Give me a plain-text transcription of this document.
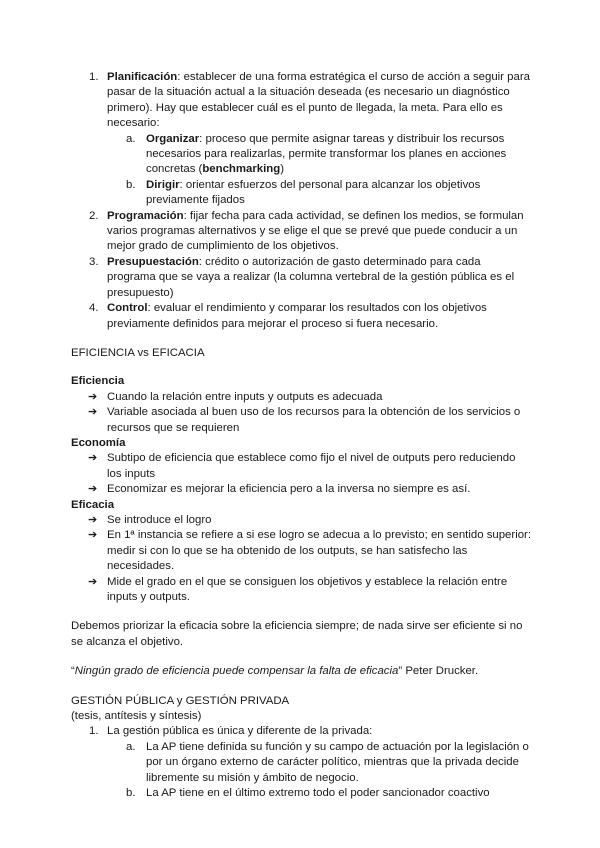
1. Planificación: establecer de una forma estratégica el curso de acción a seguir para pasar de la situación actual a la situación deseada (es necesario un diagnóstico primero). Hay que establecer cuál es el punto de llegada, la meta. Para ello es necesario:

a. Organizar: proceso que permite asignar tareas y distribuir los recursos necesarios para realizarlas, permite transformar los planes en acciones concretas (benchmarking)

b. Dirigir: orientar esfuerzos del personal para alcanzar los objetivos previamente fijados

2. Programación: fijar fecha para cada actividad, se definen los medios, se formulan varios programas alternativos y se elige el que se prevé que puede conducir a un mejor grado de cumplimiento de los objetivos.

3. Presupuestación: crédito o autorización de gasto determinado para cada programa que se vaya a realizar (la columna vertebral de la gestión pública es el presupuesto)

4. Control: evaluar el rendimiento y comparar los resultados con los objetivos previamente definidos para mejorar el proceso si fuera necesario.

EFICIENCIA vs EFICACIA

Eficiencia

➔ Cuando la relación entre inputs y outputs es adecuada

➔ Variable asociada al buen uso de los recursos para la obtención de los servicios o recursos que se requieren

Economía

➔ Subtipo de eficiencia que establece como fijo el nivel de outputs pero reduciendo los inputs

➔ Economizar es mejorar la eficiencia pero a la inversa no siempre es así.

Eficacia

➔ Se introduce el logro

➔ En 1ª instancia se refiere a si ese logro se adecua a lo previsto; en sentido superior: medir si con lo que se ha obtenido de los outputs, se han satisfecho las necesidades.

➔ Mide el grado en el que se consiguen los objetivos y establece la relación entre inputs y outputs.

Debemos priorizar la eficacia sobre la eficiencia siempre; de nada sirve ser eficiente si no se alcanza el objetivo.

“Ningún grado de eficiencia puede compensar la falta de eficacia” Peter Drucker.

GESTIÓN PÚBLICA y GESTIÓN PRIVADA

(tesis, antítesis y síntesis)

1. La gestión pública es única y diferente de la privada:

a. La AP tiene definida su función y su campo de actuación por la legislación o por un órgano externo de carácter político, mientras que la privada decide libremente su misión y ámbito de negocio.

b. La AP tiene en el último extremo todo el poder sancionador coactivo
